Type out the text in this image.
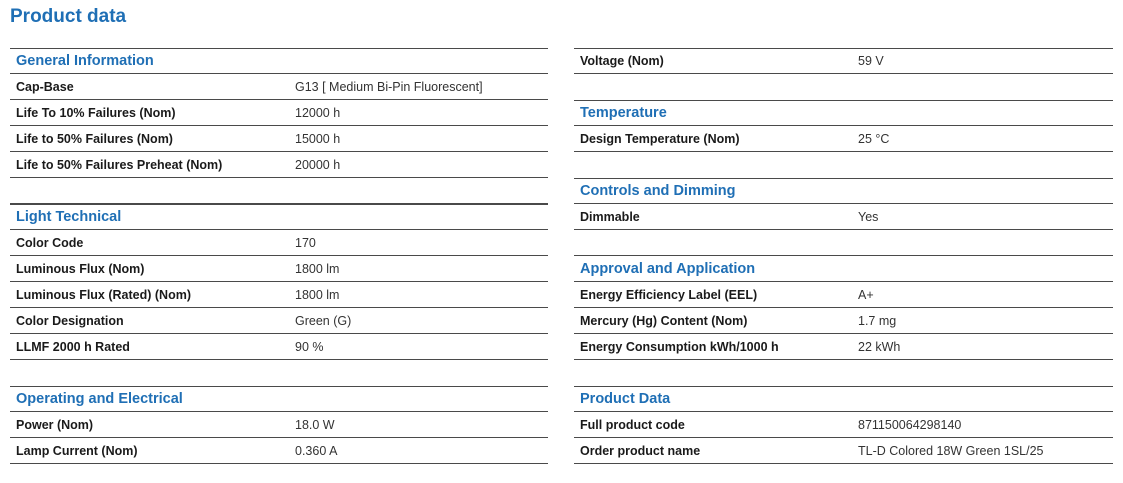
Product data
General Information
Cap-Base	G13 [ Medium Bi-Pin Fluorescent]
Life To 10% Failures (Nom)	12000 h
Life to 50% Failures (Nom)	15000 h
Life to 50% Failures Preheat (Nom)	20000 h
Light Technical
Color Code	170
Luminous Flux (Nom)	1800 lm
Luminous Flux (Rated) (Nom)	1800 lm
Color Designation	Green (G)
LLMF 2000 h Rated	90 %
Operating and Electrical
Power (Nom)	18.0 W
Lamp Current (Nom)	0.360 A
Voltage (Nom)	59 V
Temperature
Design Temperature (Nom)	25 °C
Controls and Dimming
Dimmable	Yes
Approval and Application
Energy Efficiency Label (EEL)	A+
Mercury (Hg) Content (Nom)	1.7 mg
Energy Consumption kWh/1000 h	22 kWh
Product Data
Full product code	871150064298140
Order product name	TL-D Colored 18W Green 1SL/25
